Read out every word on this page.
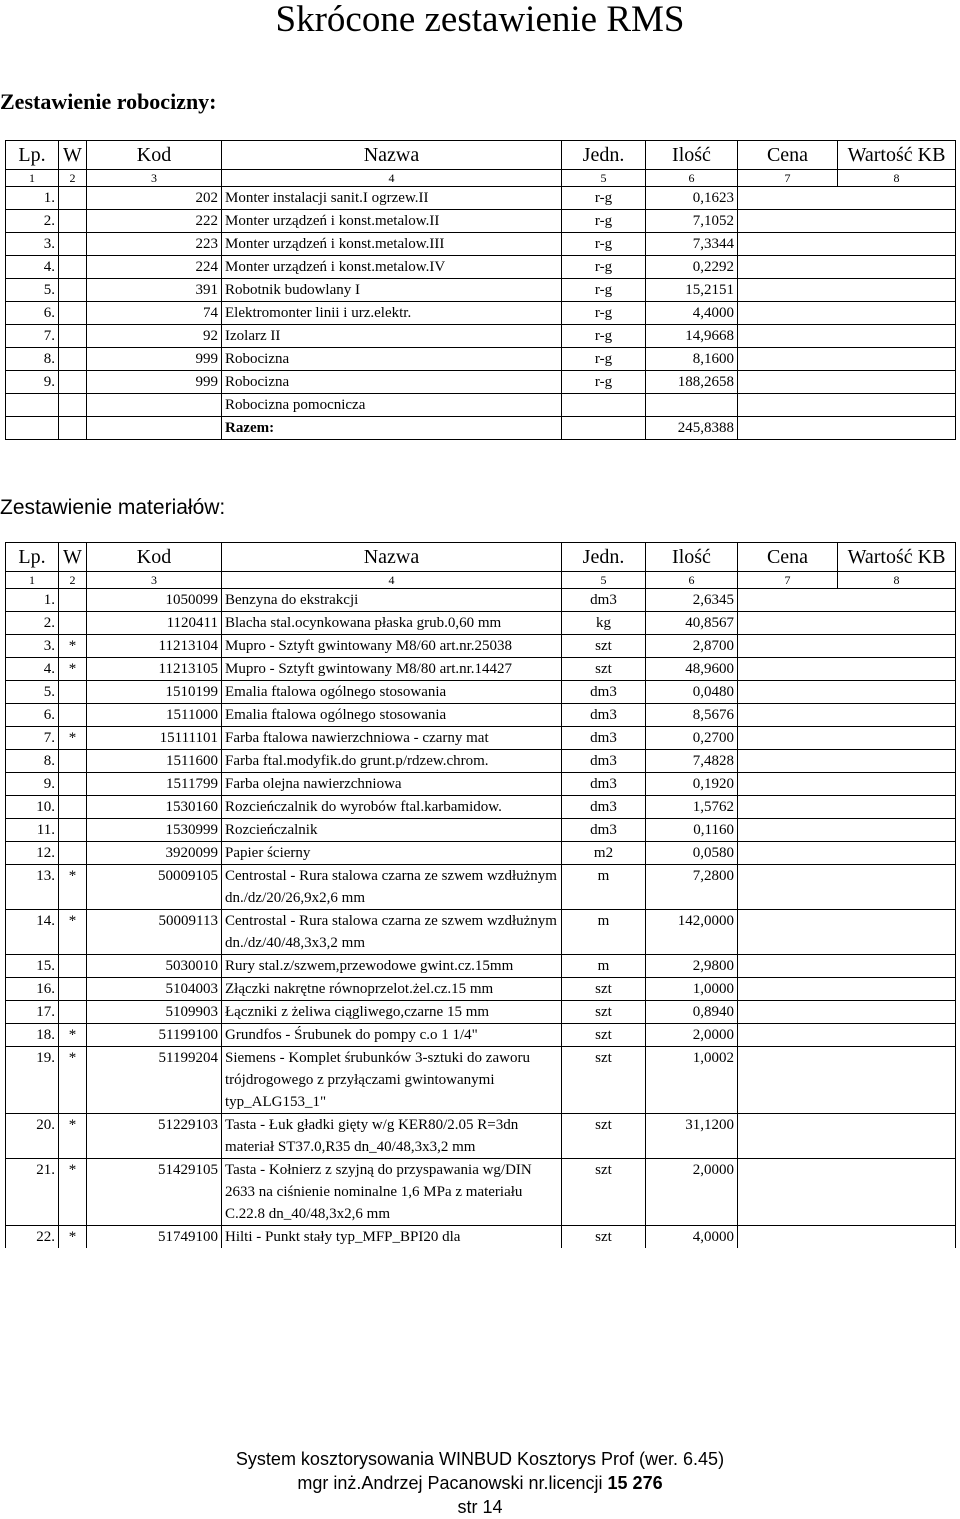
Skrócone zestawienie RMS
Zestawienie robocizny:
Lp.	W	Kod	Nazwa	Jedn.	Ilość	Cena	Wartość KB
1	2	3	4	5	6	7	8
1.		202	Monter instalacji sanit.I ogrzew.II	r-g	0,1623		
2.		222	Monter urządzeń i konst.metalow.II	r-g	7,1052		
3.		223	Monter urządzeń i konst.metalow.III	r-g	7,3344		
4.		224	Monter urządzeń i konst.metalow.IV	r-g	0,2292		
5.		391	Robotnik budowlany I	r-g	15,2151		
6.		74	Elektromonter linii i urz.elektr.	r-g	4,4000		
7.		92	Izolarz II	r-g	14,9668		
8.		999	Robocizna	r-g	8,1600		
9.		999	Robocizna	r-g	188,2658		
			Robocizna pomocnicza				
			Razem:		245,8388		
Zestawienie materiałów:
Lp.	W	Kod	Nazwa	Jedn.	Ilość	Cena	Wartość KB
1	2	3	4	5	6	7	8
1.		1050099	Benzyna do ekstrakcji	dm3	2,6345		
2.		1120411	Blacha stal.ocynkowana płaska grub.0,60 mm	kg	40,8567		
3.	*	11213104	Mupro - Sztyft gwintowany M8/60 art.nr.25038	szt	2,8700		
4.	*	11213105	Mupro - Sztyft gwintowany M8/80 art.nr.14427	szt	48,9600		
5.		1510199	Emalia ftalowa ogólnego stosowania	dm3	0,0480		
6.		1511000	Emalia ftalowa ogólnego stosowania	dm3	8,5676		
7.	*	15111101	Farba ftalowa nawierzchniowa - czarny mat	dm3	0,2700		
8.		1511600	Farba ftal.modyfik.do grunt.p/rdzew.chrom.	dm3	7,4828		
9.		1511799	Farba olejna nawierzchniowa	dm3	0,1920		
10.		1530160	Rozcieńczalnik do wyrobów ftal.karbamidow.	dm3	1,5762		
11.		1530999	Rozcieńczalnik	dm3	0,1160		
12.		3920099	Papier ścierny	m2	0,0580		
13.	*	50009105	Centrostal - Rura stalowa czarna ze szwem wzdłużnym dn./dz/20/26,9x2,6 mm	m	7,2800		
14.	*	50009113	Centrostal - Rura stalowa czarna ze szwem wzdłużnym dn./dz/40/48,3x3,2 mm	m	142,0000		
15.		5030010	Rury stal.z/szwem,przewodowe gwint.cz.15mm	m	2,9800		
16.		5104003	Złączki nakrętne równoprzelot.żel.cz.15 mm	szt	1,0000		
17.		5109903	Łączniki z żeliwa ciągliwego,czarne 15 mm	szt	0,8940		
18.	*	51199100	Grundfos - Śrubunek do pompy c.o 1 1/4"	szt	2,0000		
19.	*	51199204	Siemens - Komplet śrubunków 3-sztuki do zaworu trójdrogowego z przyłączami gwintowanymi typ_ALG153_1"	szt	1,0002		
20.	*	51229103	Tasta - Łuk gładki gięty w/g KER80/2.05 R=3dn materiał ST37.0,R35 dn_40/48,3x3,2 mm	szt	31,1200		
21.	*	51429105	Tasta - Kołnierz z szyjną do przyspawania wg/DIN 2633 na ciśnienie nominalne 1,6 MPa z materiału C.22.8 dn_40/48,3x2,6 mm	szt	2,0000		
22.	*	51749100	Hilti - Punkt stały typ_MFP_BPI20 dla	szt	4,0000		
System kosztorysowania WINBUD Kosztorys Prof (wer. 6.45)
mgr inż.Andrzej Pacanowski nr.licencji 15 276
str 14
